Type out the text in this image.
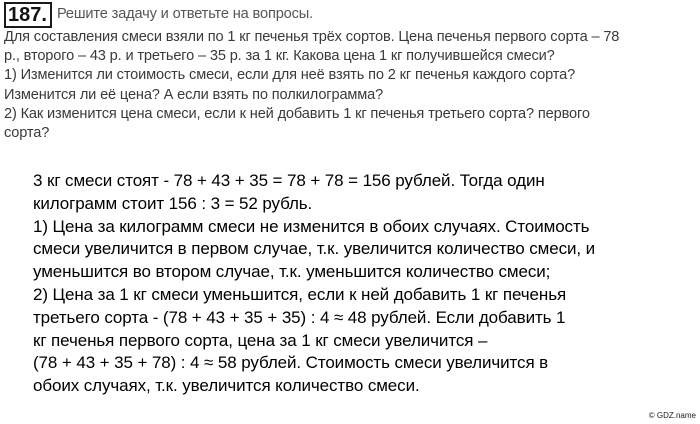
187. Решите задачу и ответьте на вопросы.
Для составления смеси взяли по 1 кг печенья трёх сортов. Цена печенья первого сорта – 78
р., второго – 43 р. и третьего – 35 р. за 1 кг. Какова цена 1 кг получившейся смеси?
1) Изменится ли стоимость смеси, если для неё взять по 2 кг печенья каждого сорта?
Изменится ли её цена? А если взять по полкилограмма?
2) Как изменится цена смеси, если к ней добавить 1 кг печенья третьего сорта? первого
сорта?
3 кг смеси стоят - 78 + 43 + 35 = 78 + 78 = 156 рублей. Тогда один
килограмм стоит 156 : 3 = 52 рубль.
1) Цена за килограмм смеси не изменится в обоих случаях. Стоимость
смеси увеличится в первом случае, т.к. увеличится количество смеси, и
уменьшится во втором случае, т.к. уменьшится количество смеси;
2) Цена за 1 кг смеси уменьшится, если к ней добавить 1 кг печенья
третьего сорта - (78 + 43 + 35 + 35) : 4 ≈ 48 рублей. Если добавить 1
кг печенья первого сорта, цена за 1 кг смеси увеличится –
(78 + 43 + 35 + 78) : 4 ≈ 58 рублей. Стоимость смеси увеличится в
обоих случаях, т.к. увеличится количество смеси.
© GDZ.name
